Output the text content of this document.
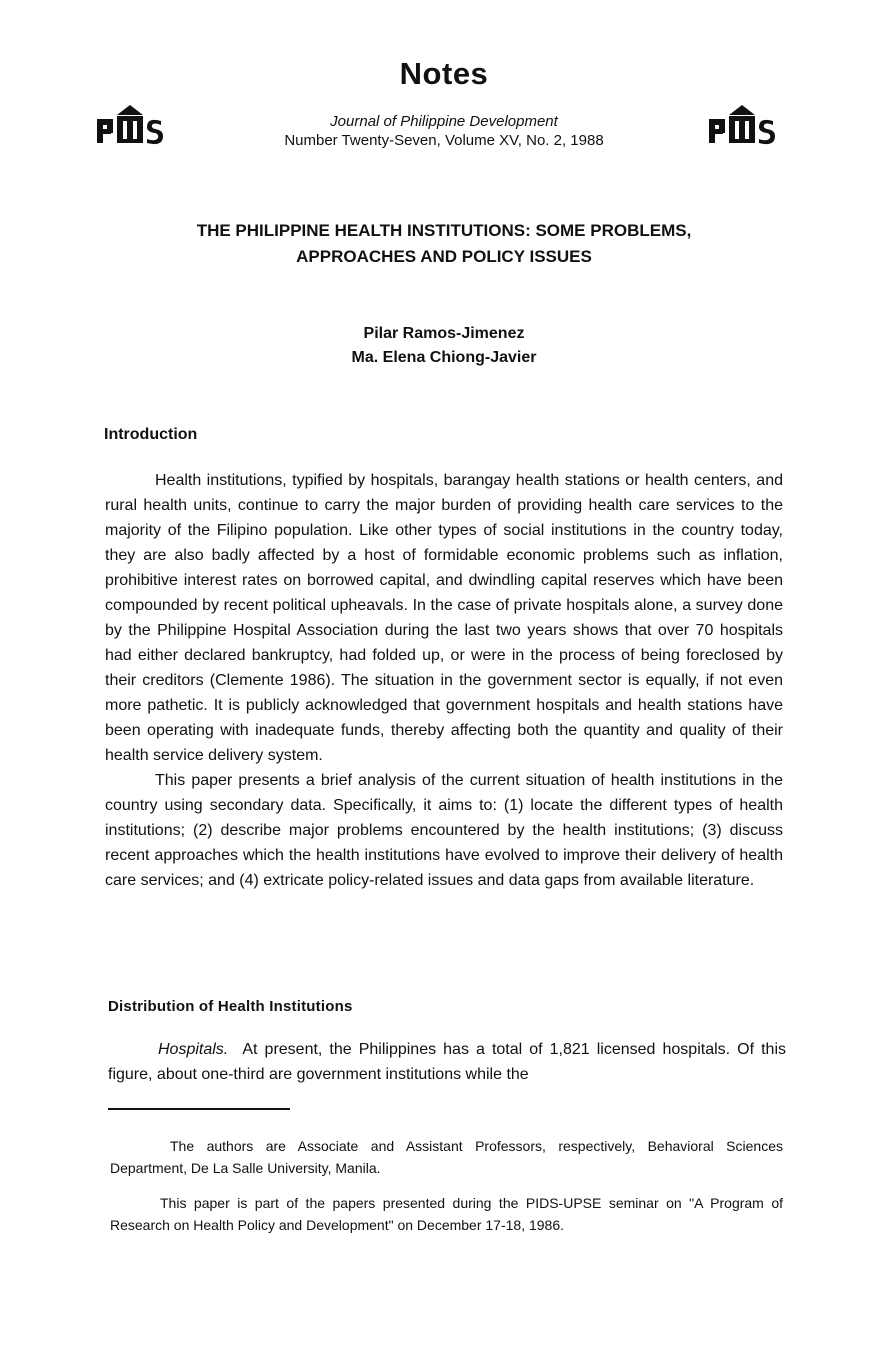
Notes
Journal of Philippine Development
Number Twenty-Seven, Volume XV, No. 2, 1988
THE PHILIPPINE HEALTH INSTITUTIONS: SOME PROBLEMS,
APPROACHES AND POLICY ISSUES
Pilar Ramos-Jimenez
Ma. Elena Chiong-Javier
Introduction

Health institutions, typified by hospitals, barangay health stations or health centers, and rural health units, continue to carry the major burden of providing health care services to the majority of the Filipino population. Like other types of social institutions in the country today, they are also badly affected by a host of formidable economic problems such as inflation, prohibitive interest rates on borrowed capital, and dwindling capital reserves which have been compounded by recent political upheavals. In the case of private hospitals alone, a survey done by the Philippine Hospital Association during the last two years shows that over 70 hospitals had either declared bankruptcy, had folded up, or were in the process of being foreclosed by their creditors (Clemente 1986). The situation in the government sector is equally, if not even more pathetic. It is publicly acknowledged that government hospitals and health stations have been operating with inadequate funds, thereby affecting both the quantity and quality of their health service delivery system.

This paper presents a brief analysis of the current situation of health institutions in the country using secondary data. Specifically, it aims to: (1) locate the different types of health institutions; (2) describe major problems encountered by the health institutions; (3) discuss recent approaches which the health institutions have evolved to improve their delivery of health care services; and (4) extricate policy-related issues and data gaps from available literature.

Distribution of Health Institutions

Hospitals. At present, the Philippines has a total of 1,821 licensed hospitals. Of this figure, about one-third are government institutions while the

The authors are Associate and Assistant Professors, respectively, Behavioral Sciences Department, De La Salle University, Manila.

This paper is part of the papers presented during the PIDS-UPSE seminar on "A Program of Research on Health Policy and Development" on December 17-18, 1986.
